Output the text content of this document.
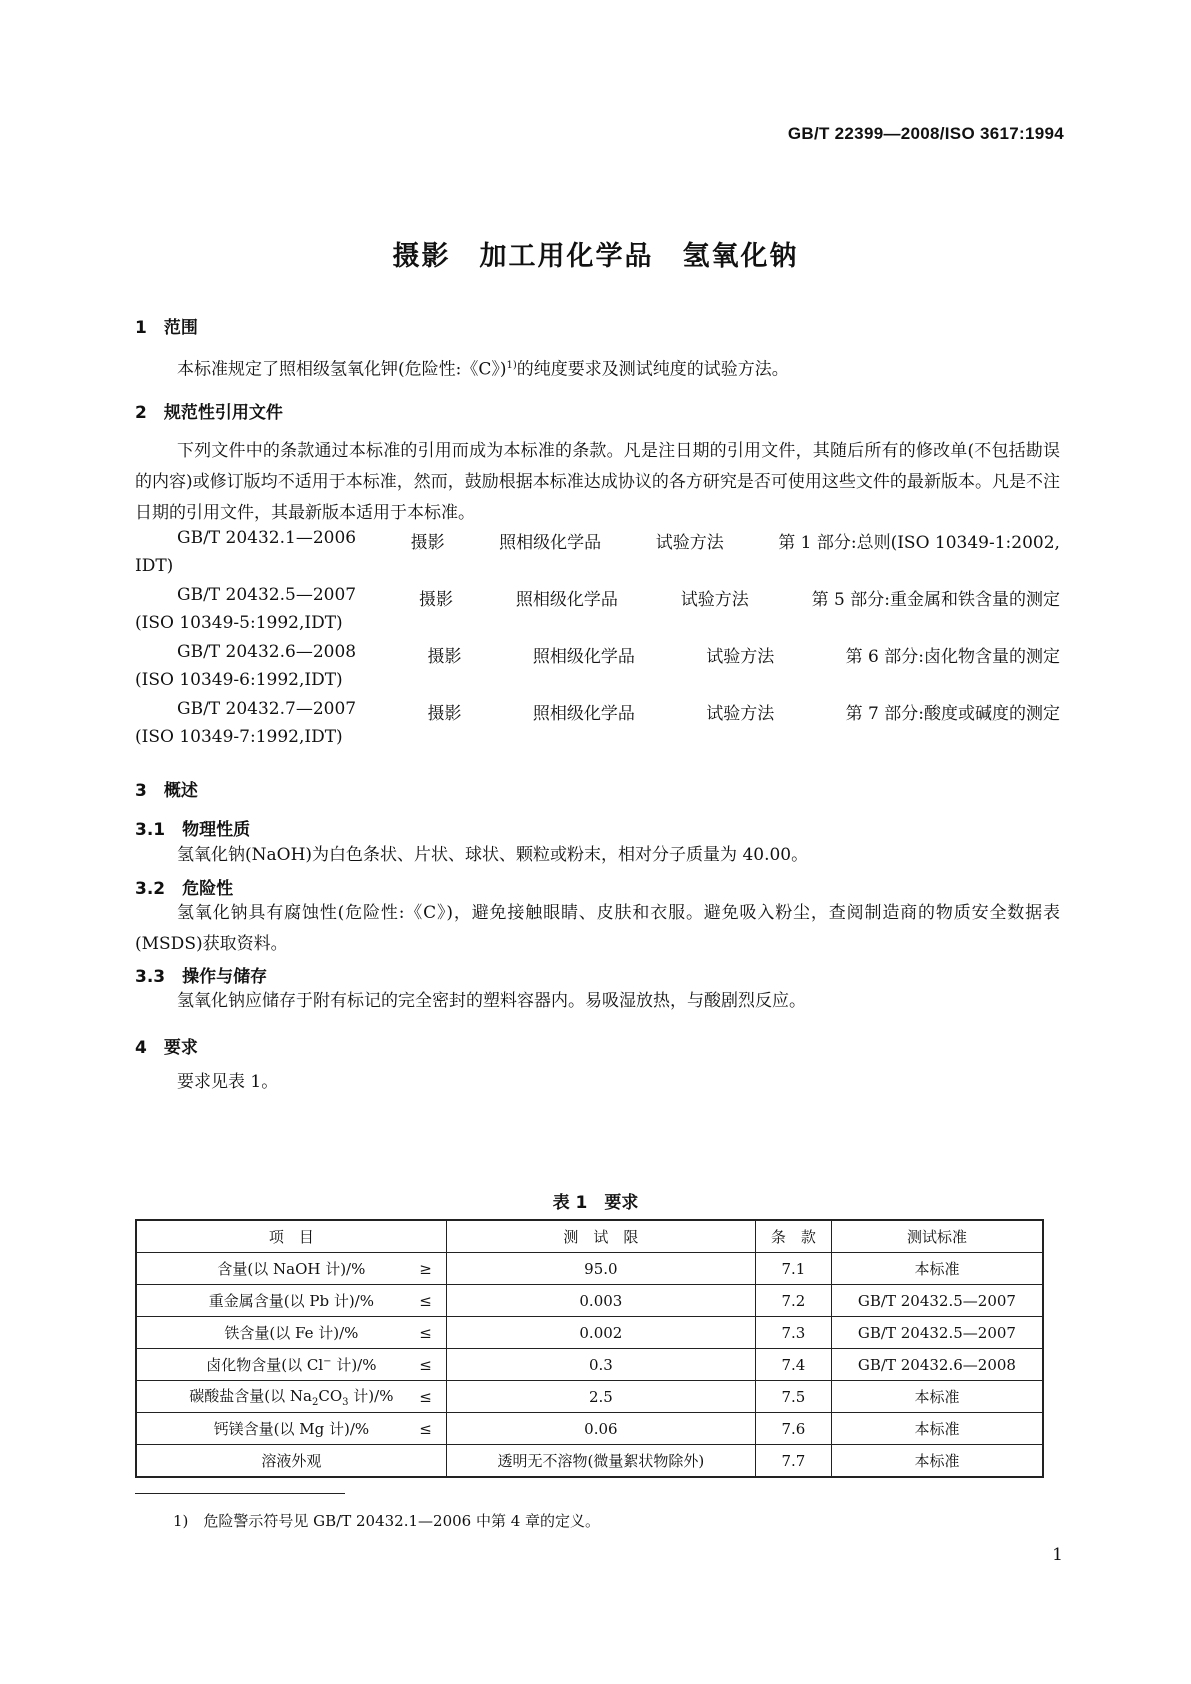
GB/T 22399—2008/ISO 3617:1994
摄影　加工用化学品　氢氧化钠
1　范围
本标准规定了照相级氢氧化钾(危险性:《C》)$^{1)}$的纯度要求及测试纯度的试验方法。
2　规范性引用文件
下列文件中的条款通过本标准的引用而成为本标准的条款。凡是注日期的引用文件，其随后所有的修改单(不包括勘误的内容)或修订版均不适用于本标准，然而，鼓励根据本标准达成协议的各方研究是否可使用这些文件的最新版本。凡是不注日期的引用文件，其最新版本适用于本标准。
GB/T 20432.1—2006	摄影	照相级化学品	试验方法	第 1 部分:总则(ISO 10349-1:2002,
IDT)
GB/T 20432.5—2007	摄影	照相级化学品	试验方法	第 5 部分:重金属和铁含量的测定
(ISO 10349-5:1992,IDT)
GB/T 20432.6—2008	摄影	照相级化学品	试验方法	第 6 部分:卤化物含量的测定
(ISO 10349-6:1992,IDT)
GB/T 20432.7—2007	摄影	照相级化学品	试验方法	第 7 部分:酸度或碱度的测定
(ISO 10349-7:1992,IDT)
3　概述
3.1　物理性质
氢氧化钠(NaOH)为白色条状、片状、球状、颗粒或粉末，相对分子质量为 40.00。
3.2　危险性
氢氧化钠具有腐蚀性(危险性:《C》)，避免接触眼睛、皮肤和衣服。避免吸入粉尘，查阅制造商的物质安全数据表(MSDS)获取资料。
3.3　操作与储存
氢氧化钠应储存于附有标记的完全密封的塑料容器内。易吸湿放热，与酸剧烈反应。
4　要求
要求见表 1。
表 1　要求
项　目	测　试　限	条　款	测试标准
含量(以 NaOH 计)/% ≥	95.0	7.1	本标准
重金属含量(以 Pb 计)/% ≤	0.003	7.2	GB/T 20432.5—2007
铁含量(以 Fe 计)/% ≤	0.002	7.3	GB/T 20432.5—2007
卤化物含量(以 Cl− 计)/% ≤	0.3	7.4	GB/T 20432.6—2008
碳酸盐含量(以 $Na_2CO_3$ 计)/% ≤	2.5	7.5	本标准
钙镁含量(以 Mg 计)/% ≤	0.06	7.6	本标准
溶液外观	透明无不溶物(微量絮状物除外)	7.7	本标准
1)　危险警示符号见 GB/T 20432.1—2006 中第 4 章的定义。
1
